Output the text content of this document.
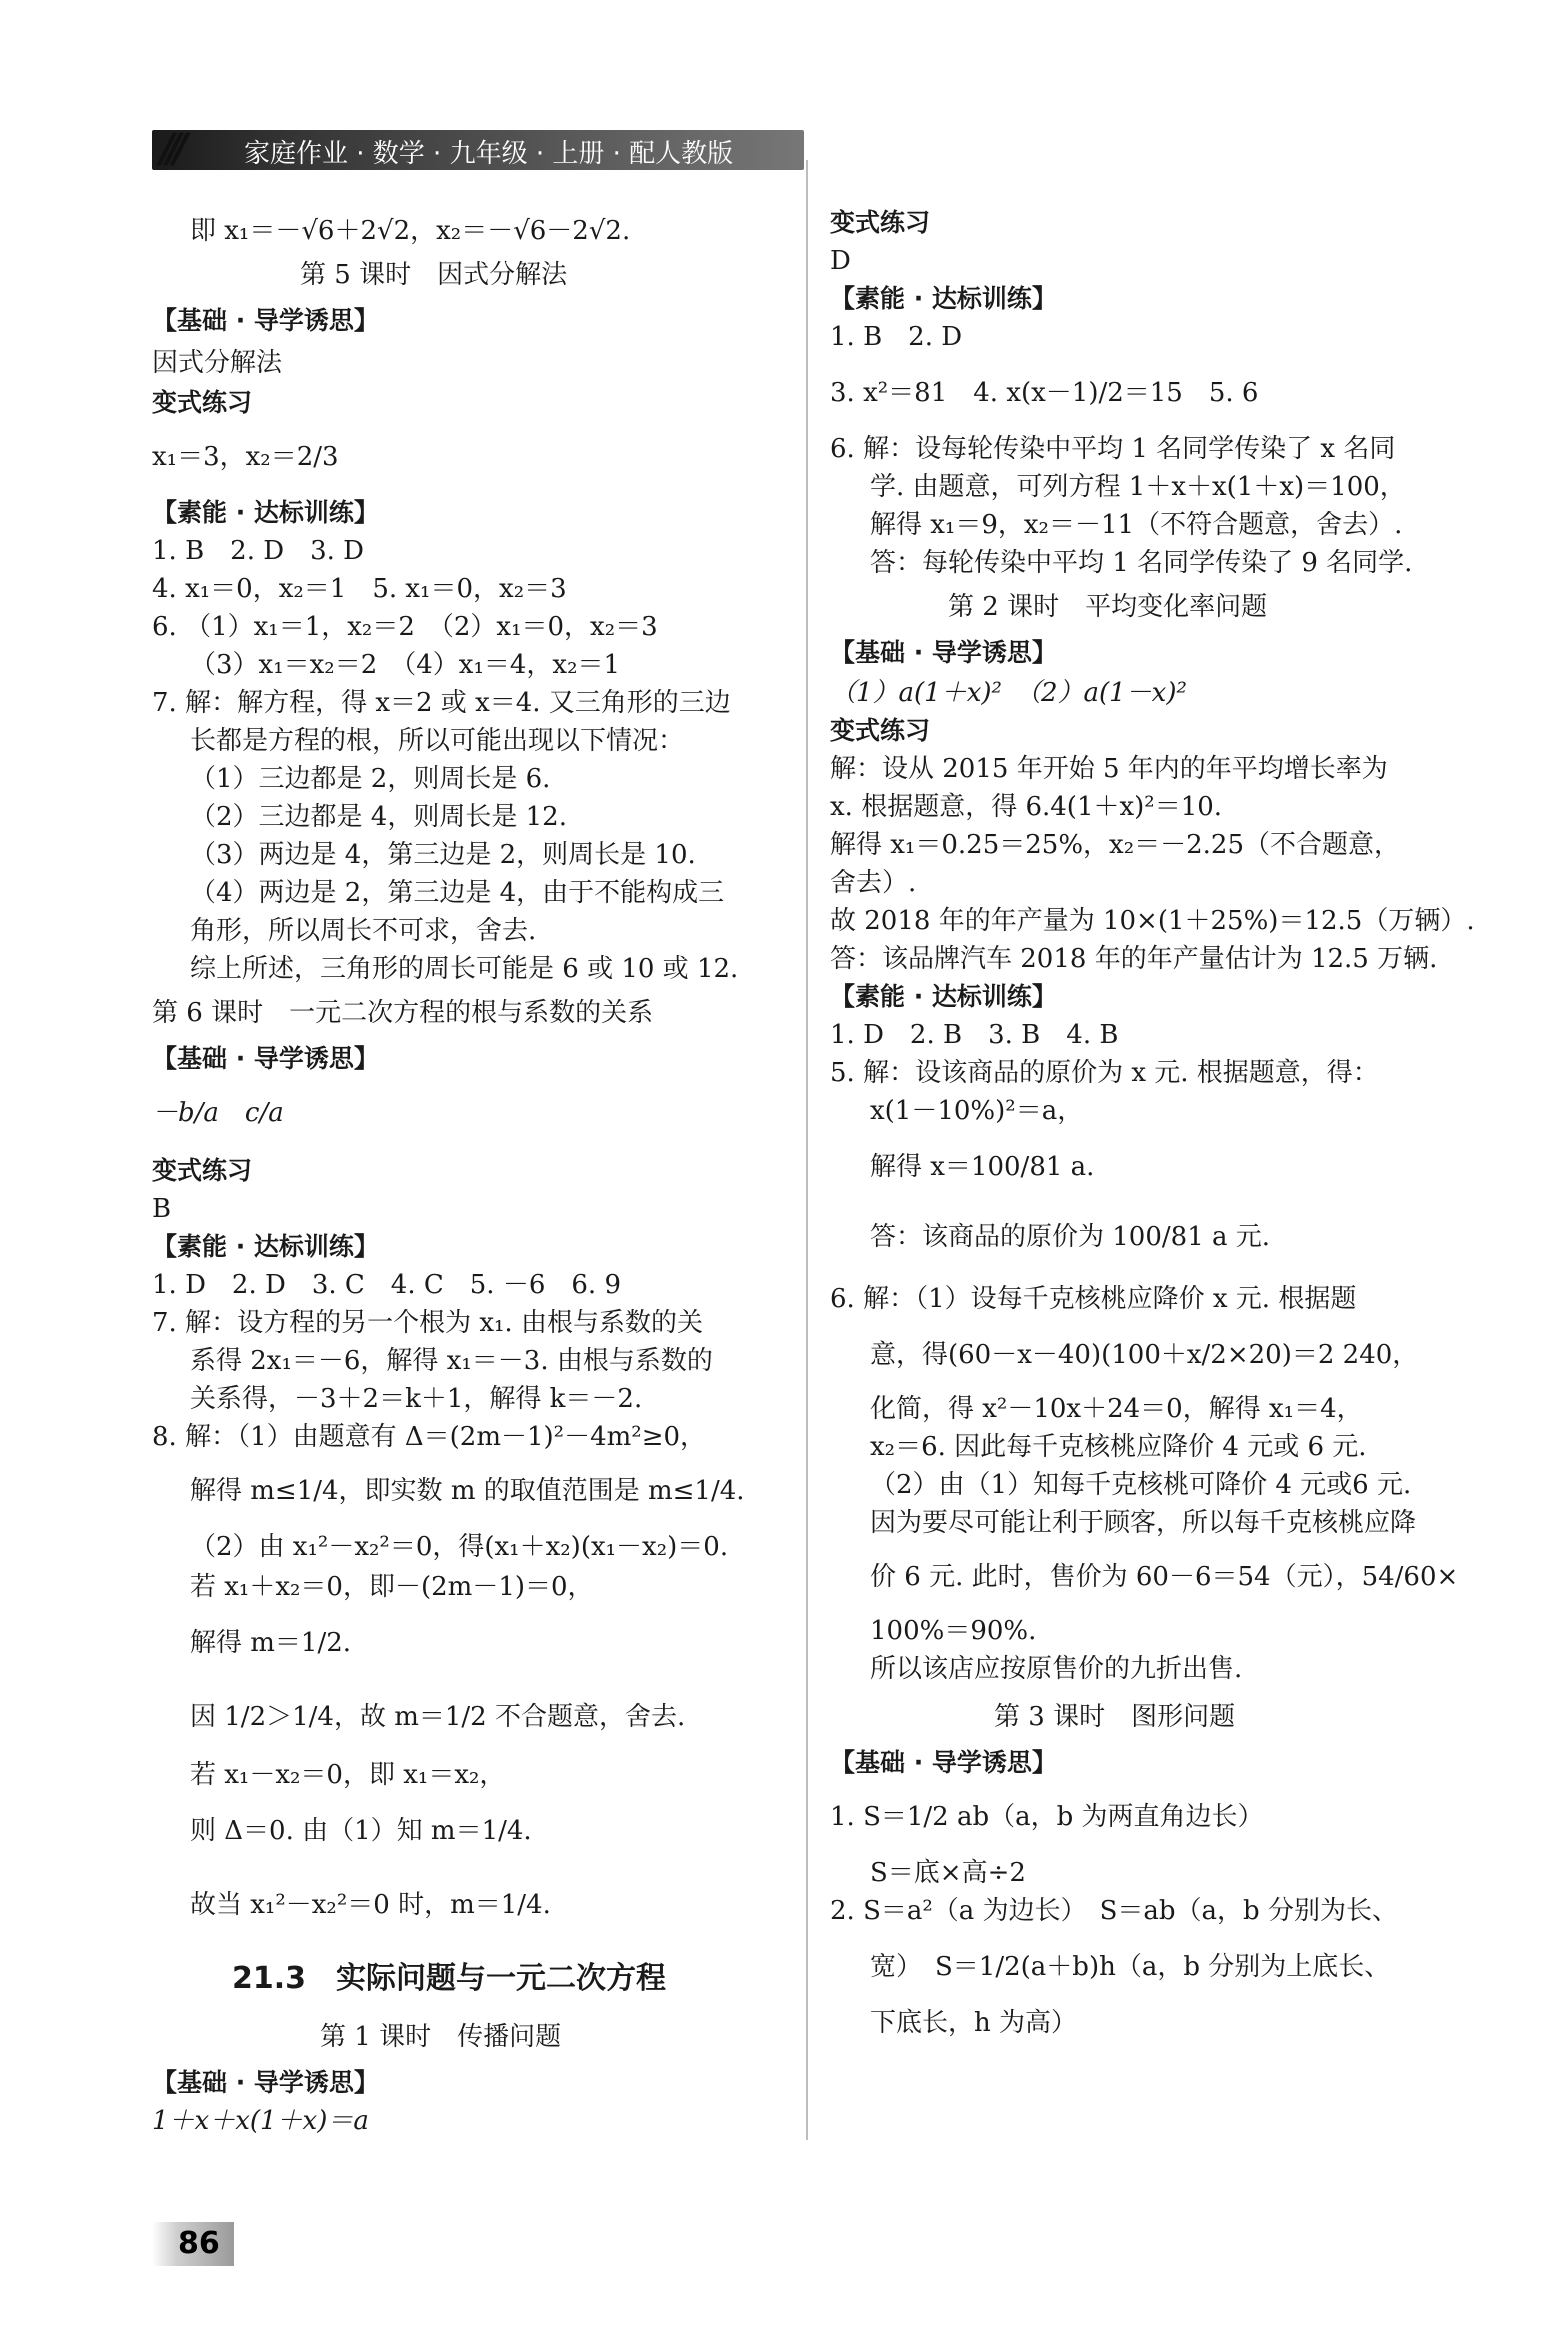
/// 家庭作业 · 数学 · 九年级 · 上册 · 配人教版
即 x₁＝－√6＋2√2，x₂＝－√6－2√2.
第 5 课时　因式分解法
【基础 · 导学诱思】
因式分解法
变式练习
x₁＝3，x₂＝2/3
【素能 · 达标训练】
1. B　2. D　3. D
4. x₁＝0，x₂＝1　5. x₁＝0，x₂＝3
6. （1）x₁＝1，x₂＝2　（2）x₁＝0，x₂＝3
（3）x₁＝x₂＝2　（4）x₁＝4，x₂＝1
7. 解：解方程，得 x＝2 或 x＝4. 又三角形的三边
长都是方程的根，所以可能出现以下情况：
（1）三边都是 2，则周长是 6.
（2）三边都是 4，则周长是 12.
（3）两边是 4，第三边是 2，则周长是 10.
（4）两边是 2，第三边是 4，由于不能构成三
角形，所以周长不可求，舍去.
综上所述，三角形的周长可能是 6 或 10 或 12.
第 6 课时　一元二次方程的根与系数的关系
【基础 · 导学诱思】
－b/a　c/a
变式练习
B
【素能 · 达标训练】
1. D　2. D　3. C　4. C　5. －6　6. 9
7. 解：设方程的另一个根为 x₁. 由根与系数的关
系得 2x₁＝－6，解得 x₁＝－3. 由根与系数的
关系得，－3＋2＝k＋1，解得 k＝－2.
8. 解：（1）由题意有 Δ＝(2m－1)²－4m²≥0，
解得 m≤1/4，即实数 m 的取值范围是 m≤1/4.
（2）由 x₁²－x₂²＝0，得(x₁＋x₂)(x₁－x₂)＝0.
若 x₁＋x₂＝0，即－(2m－1)＝0，
解得 m＝1/2.
因 1/2＞1/4，故 m＝1/2 不合题意，舍去.
若 x₁－x₂＝0，即 x₁＝x₂，
则 Δ＝0. 由（1）知 m＝1/4.
故当 x₁²－x₂²＝0 时，m＝1/4.
21.3　实际问题与一元二次方程
第 1 课时　传播问题
【基础 · 导学诱思】
1＋x＋x(1＋x)＝a
变式练习
D
【素能 · 达标训练】
1. B　2. D
3. x²＝81　4. x(x－1)/2＝15　5. 6
6. 解：设每轮传染中平均 1 名同学传染了 x 名同
学. 由题意，可列方程 1＋x＋x(1＋x)＝100，
解得 x₁＝9，x₂＝－11（不符合题意，舍去）.
答：每轮传染中平均 1 名同学传染了 9 名同学.
第 2 课时　平均变化率问题
【基础 · 导学诱思】
（1）a(1＋x)²　（2）a(1－x)²
变式练习
解：设从 2015 年开始 5 年内的年平均增长率为
x. 根据题意，得 6.4(1＋x)²＝10.
解得 x₁＝0.25＝25%，x₂＝－2.25（不合题意，
舍去）.
故 2018 年的年产量为 10×(1＋25%)＝12.5（万辆）.
答：该品牌汽车 2018 年的年产量估计为 12.5 万辆.
【素能 · 达标训练】
1. D　2. B　3. B　4. B
5. 解：设该商品的原价为 x 元. 根据题意，得：
x(1－10%)²＝a，
解得 x＝100/81 a.
答：该商品的原价为 100/81 a 元.
6. 解：（1）设每千克核桃应降价 x 元. 根据题
意，得(60－x－40)(100＋x/2×20)＝2 240，
化简，得 x²－10x＋24＝0，解得 x₁＝4，
x₂＝6. 因此每千克核桃应降价 4 元或 6 元.
（2）由（1）知每千克核桃可降价 4 元或6 元.
因为要尽可能让利于顾客，所以每千克核桃应降
价 6 元. 此时，售价为 60－6＝54（元），54/60×
100%＝90%.
所以该店应按原售价的九折出售.
第 3 课时　图形问题
【基础 · 导学诱思】
1. S＝1/2 ab（a，b 为两直角边长）
S＝底×高÷2
2. S＝a²（a 为边长）　S＝ab（a，b 分别为长、
宽）　S＝1/2(a＋b)h（a，b 分别为上底长、
下底长，h 为高）
86
